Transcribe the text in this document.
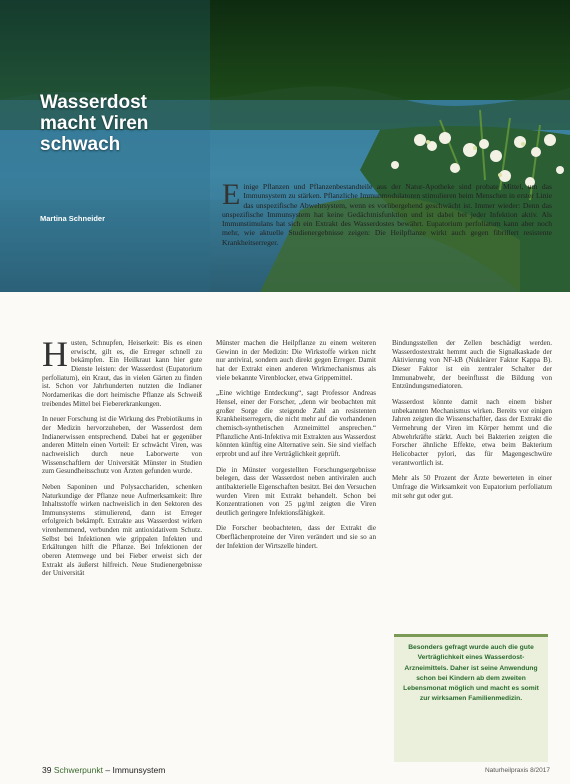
Wasserdost
macht Viren
schwach
Martina Schneider
Einige Pflanzen und Pflanzenbestandteile aus der Natur-Apotheke sind probate Mittel, um das Immunsystem zu stärken. Pflanzliche Immunmodulatoren stimulieren beim Menschen in erster Linie das unspezifische Abwehrsystem, wenn es vorübergehend geschwächt ist. Immer wieder: Denn das unspezifische Immunsystem hat keine Gedächtnisfunktion und ist dabei bei jeder Infektion aktiv. Als Immunstimulans hat sich ein Extrakt des Wasserdostes bewährt. Eupatorium perfoliatum kann aber noch mehr, wie aktuelle Studienergebnisse zeigen: Die Heilpflanze wirkt auch gegen fibrillert resistente Krankheitserreger.

Husten, Schnupfen, Heiserkeit: Bis es einen erwischt, gilt es, die Erreger schnell zu bekämpfen. Ein Heilkraut kann hier gute Dienste leisten: der Wasserdost (Eupatorium perfoliatum), ein Kraut, das in vielen Gärten zu finden ist. Schon vor Jahrhunderten nutzten die Indianer Nordamerikas die dort heimische Pflanze als Schweiß treibendes Mittel bei Fiebererkrankungen.

In neuer Forschung ist die Wirkung des Prebiotikums in der Medizin hervorzuheben, der Wasserdost dem Indianerwissen entsprechend. Dabei hat er gegenüber anderen Mitteln einen Vorteil: Er schwächt Viren, was nachweislich durch neue Laborwerte von Wissenschaftlern der Universität Münster in Studien zum Gesundheitsschutz von Ärzten gefunden wurde.

Neben Saponinen und Polysacchariden, schenken Naturkundige der Pflanze neue Aufmerksamkeit: Ihre Inhaltsstoffe wirken nachweislich in den Sektoren des Immunsystems stimulierend, dann ist Erreger erfolgreich bekämpft. Extrakte aus Wasserdost wirken virenhemmend, verbunden mit antioxidativem Schutz. Selbst bei Infektionen wie grippalen Infekten und Erkältungen hilft die Pflanze. Bei Infektionen der oberen Atemwege und bei Fieber erweist sich der Extrakt als äußerst hilfreich. Neue Studienergebnisse der Universität

Münster machen die Heilpflanze zu einem weiteren Gewinn in der Medizin: Die Wirkstoffe wirken nicht nur antiviral, sondern auch direkt gegen Erreger. Damit hat der Extrakt einen anderen Wirkmechanismus als viele bekannte Virenblocker, etwa Grippemittel.

„Eine wichtige Entdeckung“, sagt Professor Andreas Hensel, einer der Forscher, „denn wir beobachten mit großer Sorge die steigende Zahl an resistenten Krankheitserregern, die nicht mehr auf die vorhandenen chemisch-synthetischen Arzneimittel ansprechen.“ Pflanzliche Anti-Infektiva mit Extrakten aus Wasserdost könnten künftig eine Alternative sein. Sie sind vielfach erprobt und auf ihre Verträglichkeit geprüft.

Die in Münster vorgestellten Forschungsergebnisse belegen, dass der Wasserdost neben antiviralen auch antibakterielle Eigenschaften besitzt. Bei den Versuchen wurden Viren mit Extrakt behandelt. Schon bei Konzentrationen von 25 µg/ml zeigten die Viren deutlich geringere Infektionsfähigkeit.

Die Forscher beobachteten, dass der Extrakt die Oberflächenproteine der Viren verändert und sie so an der Infektion der Wirtszelle hindert.

Bindungsstellen der Zellen beschädigt werden. Wasserdostextrakt hemmt auch die Signalkaskade der Aktivierung von NF-kB (Nukleärer Faktor Kappa B). Dieser Faktor ist ein zentraler Schalter der Immunabwehr, der beeinflusst die Bildung von Entzündungsmediatoren.

Wasserdost könnte damit nach einem bisher unbekannten Mechanismus wirken. Bereits vor einigen Jahren zeigten die Wissenschaftler, dass der Extrakt die Vermehrung der Viren im Körper hemmt und die Abwehrkräfte stärkt. Auch bei Bakterien zeigten die Forscher ähnliche Effekte, etwa beim Bakterium Helicobacter pylori, das für Magengeschwüre verantwortlich ist.

Mehr als 50 Prozent der Ärzte bewerteten in einer Umfrage die Wirksamkeit von Eupatorium perfoliatum mit sehr gut oder gut.

Besonders gefragt wurde auch die gute Verträglichkeit eines Wasserdost-Arzneimittels. Daher ist seine Anwendung schon bei Kindern ab dem zweiten Lebensmonat möglich und macht es somit zur wirksamen Familienmedizin.
39 Schwerpunkt – Immunsystem	Naturheilpraxis 8/2017
